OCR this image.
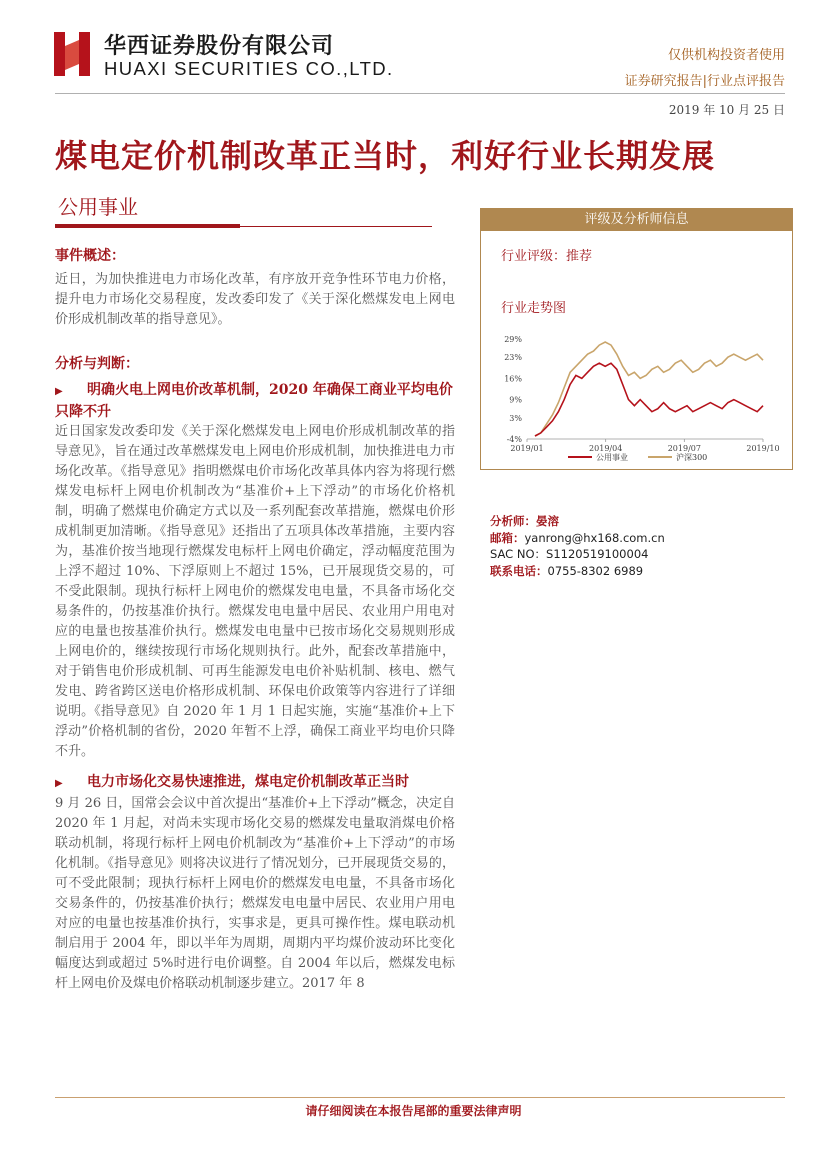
华西证券股份有限公司
HUAXI SECURITIES CO.,LTD.
仅供机构投资者使用
证券研究报告|行业点评报告
2019 年 10 月 25 日
煤电定价机制改革正当时，利好行业长期发展
公用事业
事件概述：

近日，为加快推进电力市场化改革，有序放开竞争性环节电力价格，提升电力市场化交易程度，发改委印发了《关于深化燃煤发电上网电价形成机制改革的指导意见》。

分析与判断：
▶ 明确火电上网电价改革机制，2020 年确保工商业平均电价只降不升

近日国家发改委印发《关于深化燃煤发电上网电价形成机制改革的指导意见》，旨在通过改革燃煤发电上网电价形成机制，加快推进电力市场化改革。《指导意见》指明燃煤电价市场化改革具体内容为将现行燃煤发电标杆上网电价机制改为“基准价+上下浮动”的市场化价格机制，明确了燃煤电价确定方式以及一系列配套改革措施，燃煤电价形成机制更加清晰。《指导意见》还指出了五项具体改革措施，主要内容为，基准价按当地现行燃煤发电标杆上网电价确定，浮动幅度范围为上浮不超过 10%、下浮原则上不超过 15%，已开展现货交易的，可不受此限制。现执行标杆上网电价的燃煤发电电量，不具备市场化交易条件的，仍按基准价执行。燃煤发电电量中居民、农业用户用电对应的电量也按基准价执行。燃煤发电电量中已按市场化交易规则形成上网电价的，继续按现行市场化规则执行。此外，配套改革措施中，对于销售电价形成机制、可再生能源发电电价补贴机制、核电、燃气发电、跨省跨区送电价格形成机制、环保电价政策等内容进行了详细说明。《指导意见》自 2020 年 1 月 1 日起实施，实施“基准价+上下浮动”价格机制的省份，2020 年暂不上浮，确保工商业平均电价只降不升。

▶ 电力市场化交易快速推进，煤电定价机制改革正当时

9 月 26 日，国常会会议中首次提出“基准价+上下浮动”概念，决定自 2020 年 1 月起，对尚未实现市场化交易的燃煤发电量取消煤电价格联动机制，将现行标杆上网电价机制改为“基准价+上下浮动”的市场化机制。《指导意见》则将决议进行了情况划分，已开展现货交易的，可不受此限制；现执行标杆上网电价的燃煤发电电量，不具备市场化交易条件的，仍按基准价执行；燃煤发电电量中居民、农业用户用电对应的电量也按基准价执行，实事求是，更具可操作性。煤电联动机制启用于 2004 年，即以半年为周期，周期内平均煤价波动环比变化幅度达到或超过 5%时进行电价调整。自 2004 年以后，燃煤发电标杆上网电价及煤电价格联动机制逐步建立。2017 年 8

评级及分析师信息
行业评级：推荐
行业走势图
29%
23%
16%
9%
3%
-4%
2019/01	2019/04	2019/07	2019/10
公用事业	沪深300
分析师：晏溶
邮箱：yanrong@hx168.com.cn
SAC NO：S1120519100004
联系电话：0755-8302 6989
请仔细阅读在本报告尾部的重要法律声明
